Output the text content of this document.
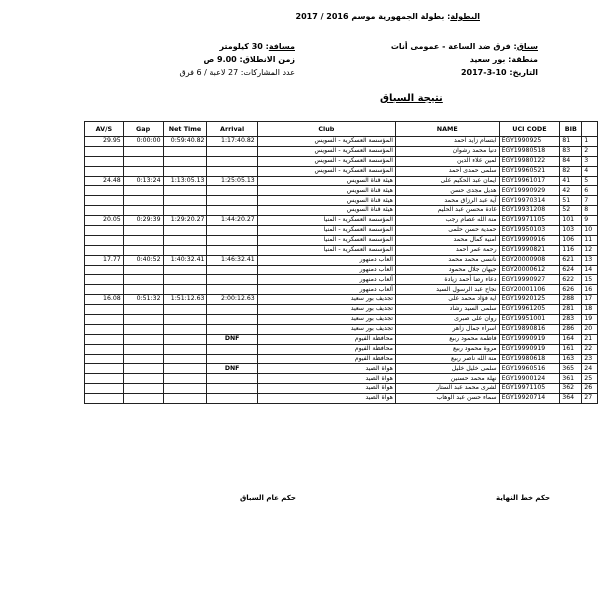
البطولة: بطولة الجمهورية موسم 2016 / 2017
سباق: فرق ضد الساعة - عمومى أنات
منطقة: بور سعيد
التاريخ: 10-3-2017
مسافة: 30 كيلومتر
زمن الانطلاق: 9.00 ص
عدد المشاركات: 27 لاعبة / 6 فرق
نتيجة السباق
AV/S	Gap	Net Time	Arrival	Club	NAME	UCI CODE	BIB	
29.95	0:00:00	0:59:40.82	1:17:40.82	المؤسسة العسكرية - السويس	ابتسام زايد أحمد	EGY1990925	81	1
				المؤسسة العسكرية - السويس	دنيا محمد رشوان	EGY19980518	83	2
				المؤسسة العسكرية - السويس	لمين علاء الدين	EGY19980122	84	3
				المؤسسة العسكرية - السويس	سلمى حمدى أحمد	EGY19960521	82	4
24.48	0:13:24	1:13:05.13	1:25:05.13	هيئة قناة السويس	ايمان عبد الحكيم على	EGY19961017	41	5
				هيئة قناة السويس	هديل مجدى حسن	EGY19990929	42	6
				هيئة قناة السويس	آية عبد الرزاق محمد	EGY19970314	51	7
				هيئة قناة السويس	غادة محسن عبد الحليم	EGY19931208	52	8
20.05	0:29:39	1:29:20.27	1:44:20.27	المؤسسة العسكرية - المنيا	منة الله عصام رجب	EGY19971105	101	9
				المؤسسة العسكرية - المنيا	حمدية حسن حلمى	EGY19950103	103	10
				المؤسسة العسكرية - المنيا	أمنية كمال محمد	EGY19990916	106	11
				المؤسسة العسكرية - المنيا	رحمة عمر أحمد	EGY19990821	116	12
17.77	0:40:52	1:40:32.41	1:46:32.41	ألعاب دمنهور	نانسى محمد محمد	EGY20000908	621	13
				ألعاب دمنهور	جيهان جلال محمود	EGY20000612	624	14
				ألعاب دمنهور	دعاء رضا أحمد زيادة	EGY19990927	622	15
				ألعاب دمنهور	نجاح عبد الرسول السيد	EGY20001106	626	16
16.08	0:51:32	1:51:12.63	2:00:12.63	تجديف بور سعيد	آية فؤاد محمد على	EGY19920125	288	17
				تجديف بور سعيد	سلمى السيد رشاد	EGY19961205	281	18
				تجديف بور سعيد	روان على صبرى	EGY19951001	283	19
				تجديف بور سعيد	اسراء جمال زاهر	EGY19890816	286	20
			DNF	محافظة الفيوم	فاطمة محمود ربيع	EGY19990919	164	21
				محافظة الفيوم	مروة محمود ربيع	EGY19990919	161	22
				محافظة الفيوم	منة الله ناصر ربيع	EGY19980618	163	23
			DNF	هواة الصيد	سلمى خليل خليل	EGY19960516	365	24
				هواة الصيد	نهلة محمد حسنين	EGY19900124	361	25
				هواة الصيد	لشرى محمد عبد الستار	EGY19971105	362	26
				هواة الصيد	سماء حسن عبد الوهاب	EGY19920714	364	27
حكم خط النهاية
حكم عام السباق
